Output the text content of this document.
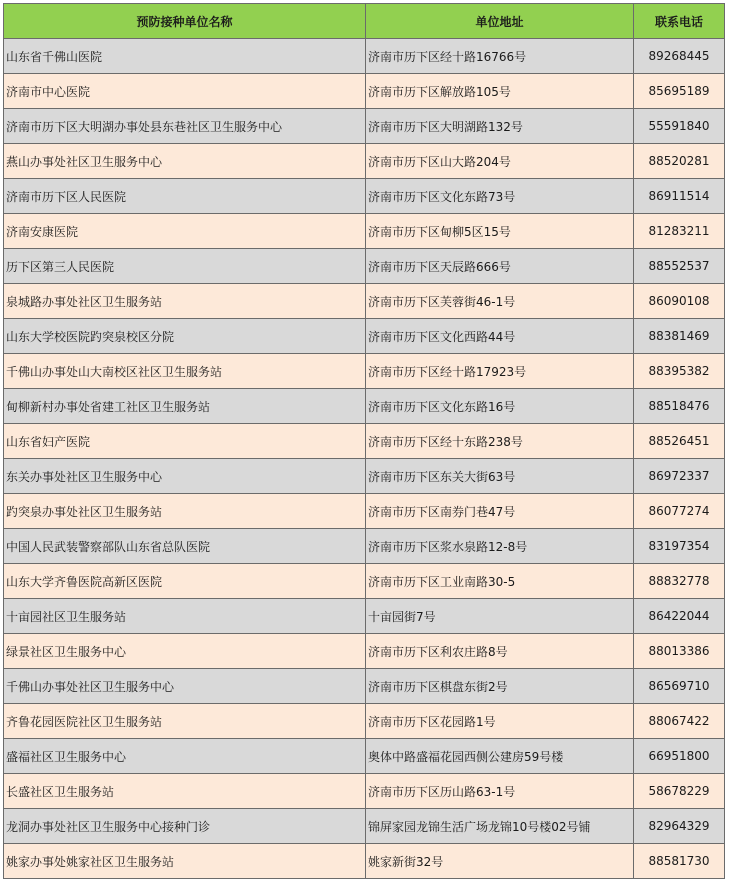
预防接种单位名称	单位地址	联系电话
山东省千佛山医院	济南市历下区经十路16766号	89268445
济南市中心医院	济南市历下区解放路105号	85695189
济南市历下区大明湖办事处县东巷社区卫生服务中心	济南市历下区大明湖路132号	55591840
燕山办事处社区卫生服务中心	济南市历下区山大路204号	88520281
济南市历下区人民医院	济南市历下区文化东路73号	86911514
济南安康医院	济南市历下区甸柳5区15号	81283211
历下区第三人民医院	济南市历下区天辰路666号	88552537
泉城路办事处社区卫生服务站	济南市历下区芙蓉街46-1号	86090108
山东大学校医院趵突泉校区分院	济南市历下区文化西路44号	88381469
千佛山办事处山大南校区社区卫生服务站	济南市历下区经十路17923号	88395382
甸柳新村办事处省建工社区卫生服务站	济南市历下区文化东路16号	88518476
山东省妇产医院	济南市历下区经十东路238号	88526451
东关办事处社区卫生服务中心	济南市历下区东关大街63号	86972337
趵突泉办事处社区卫生服务站	济南市历下区南券门巷47号	86077274
中国人民武装警察部队山东省总队医院	济南市历下区浆水泉路12-8号	83197354
山东大学齐鲁医院高新区医院	济南市历下区工业南路30-5	88832778
十亩园社区卫生服务站	十亩园街7号	86422044
绿景社区卫生服务中心	济南市历下区利农庄路8号	88013386
千佛山办事处社区卫生服务中心	济南市历下区棋盘东街2号	86569710
齐鲁花园医院社区卫生服务站	济南市历下区花园路1号	88067422
盛福社区卫生服务中心	奥体中路盛福花园西侧公建房59号楼	66951800
长盛社区卫生服务站	济南市历下区历山路63-1号	58678229
龙洞办事处社区卫生服务中心接种门诊	锦屏家园龙锦生活广场龙锦10号楼02号铺	82964329
姚家办事处姚家社区卫生服务站	姚家新街32号	88581730
